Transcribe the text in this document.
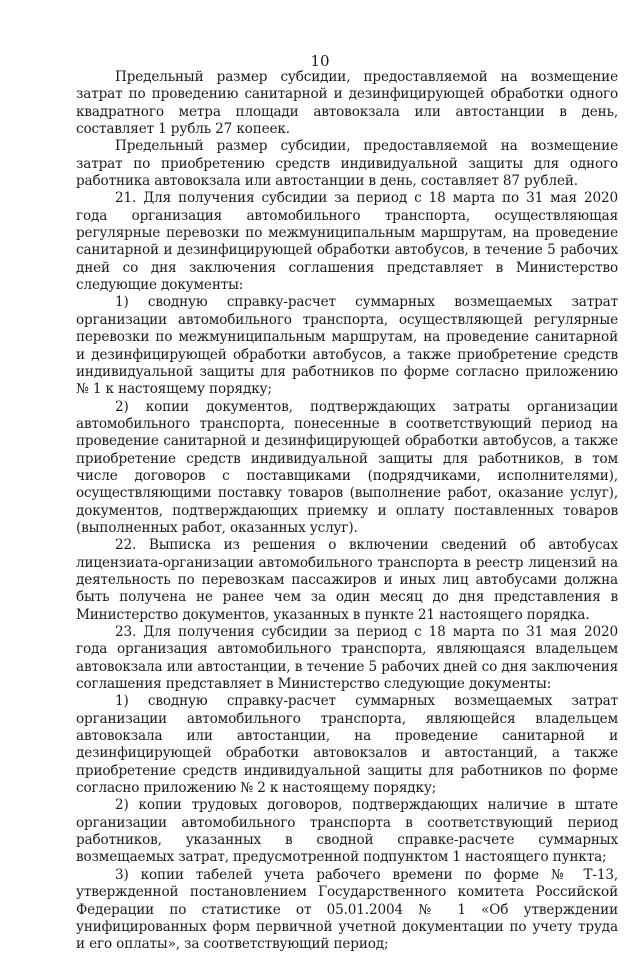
10

Предельный размер субсидии, предоставляемой на возмещение затрат по проведению санитарной и дезинфицирующей обработки одного квадратного метра площади автовокзала или автостанции в день, составляет 1 рубль 27 копеек.

Предельный размер субсидии, предоставляемой на возмещение затрат по приобретению средств индивидуальной защиты для одного работника автовокзала или автостанции в день, составляет 87 рублей.

21. Для получения субсидии за период с 18 марта по 31 мая 2020 года организация автомобильного транспорта, осуществляющая регулярные перевозки по межмуниципальным маршрутам, на проведение санитарной и дезинфицирующей обработки автобусов, в течение 5 рабочих дней со дня заключения соглашения представляет в Министерство следующие документы:

1) сводную справку-расчет суммарных возмещаемых затрат организации автомобильного транспорта, осуществляющей регулярные перевозки по межмуниципальным маршрутам, на проведение санитарной и дезинфицирующей обработки автобусов, а также приобретение средств индивидуальной защиты для работников по форме согласно приложению № 1 к настоящему порядку;

2) копии документов, подтверждающих затраты организации автомобильного транспорта, понесенные в соответствующий период на проведение санитарной и дезинфицирующей обработки автобусов, а также приобретение средств индивидуальной защиты для работников, в том числе договоров с поставщиками (подрядчиками, исполнителями), осуществляющими поставку товаров (выполнение работ, оказание услуг), документов, подтверждающих приемку и оплату поставленных товаров (выполненных работ, оказанных услуг).

22. Выписка из решения о включении сведений об автобусах лицензиата-организации автомобильного транспорта в реестр лицензий на деятельность по перевозкам пассажиров и иных лиц автобусами должна быть получена не ранее чем за один месяц до дня представления в Министерство документов, указанных в пункте 21 настоящего порядка.

23. Для получения субсидии за период с 18 марта по 31 мая 2020 года организация автомобильного транспорта, являющаяся владельцем автовокзала или автостанции, в течение 5 рабочих дней со дня заключения соглашения представляет в Министерство следующие документы:

1) сводную справку-расчет суммарных возмещаемых затрат организации автомобильного транспорта, являющейся владельцем автовокзала или автостанции, на проведение санитарной и дезинфицирующей обработки автовокзалов и автостанций, а также приобретение средств индивидуальной защиты для работников по форме согласно приложению № 2 к настоящему порядку;

2) копии трудовых договоров, подтверждающих наличие в штате организации автомобильного транспорта в соответствующий период работников, указанных в сводной справке-расчете суммарных возмещаемых затрат, предусмотренной подпунктом 1 настоящего пункта;

3) копии табелей учета рабочего времени по форме № Т-13, утвержденной постановлением Государственного комитета Российской Федерации по статистике от 05.01.2004 № 1 «Об утверждении унифицированных форм первичной учетной документации по учету труда и его оплаты», за соответствующий период;
